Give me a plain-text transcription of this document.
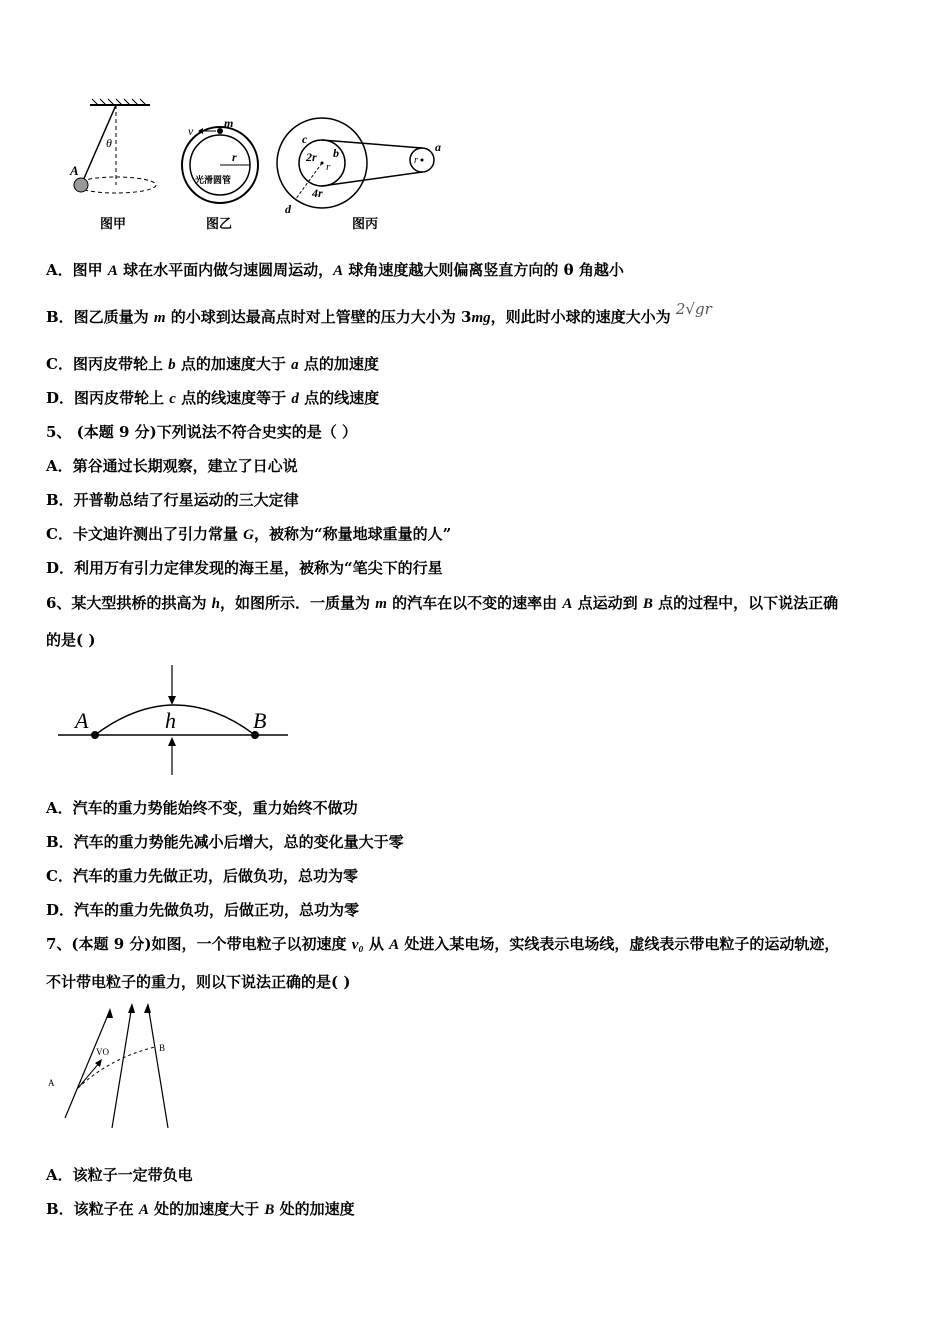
θ
A
图甲
v
m
r
光滑圆管
图乙
c
2r b
r
4r
d
a
r
图丙
A．图甲 A 球在水平面内做匀速圆周运动，A 球角速度越大则偏离竖直方向的 θ 角越小
B．图乙质量为 m 的小球到达最高点时对上管壁的压力大小为 3mg，则此时小球的速度大小为 2√gr
C．图丙皮带轮上 b 点的加速度大于 a 点的加速度
D．图丙皮带轮上 c 点的线速度等于 d 点的线速度
5、 (本题 9 分)下列说法不符合史实的是（ ）
A．第谷通过长期观察，建立了日心说
B．开普勒总结了行星运动的三大定律
C．卡文迪许测出了引力常量 G，被称为“称量地球重量的人”
D．利用万有引力定律发现的海王星，被称为“笔尖下的行星
6、某大型拱桥的拱高为 h，如图所示．一质量为 m 的汽车在以不变的速率由 A 点运动到 B 点的过程中，以下说法正确
的是( )
A	h	B
A．汽车的重力势能始终不变，重力始终不做功
B．汽车的重力势能先减小后增大，总的变化量大于零
C．汽车的重力先做正功，后做负功，总功为零
D．汽车的重力先做负功，后做正功，总功为零
7、(本题 9 分)如图，一个带电粒子以初速度 v₀ 从 A 处进入某电场，实线表示电场线，虚线表示带电粒子的运动轨迹，
不计带电粒子的重力，则以下说法正确的是( )
A
VO	B
A．该粒子一定带负电
B．该粒子在 A 处的加速度大于 B 处的加速度
